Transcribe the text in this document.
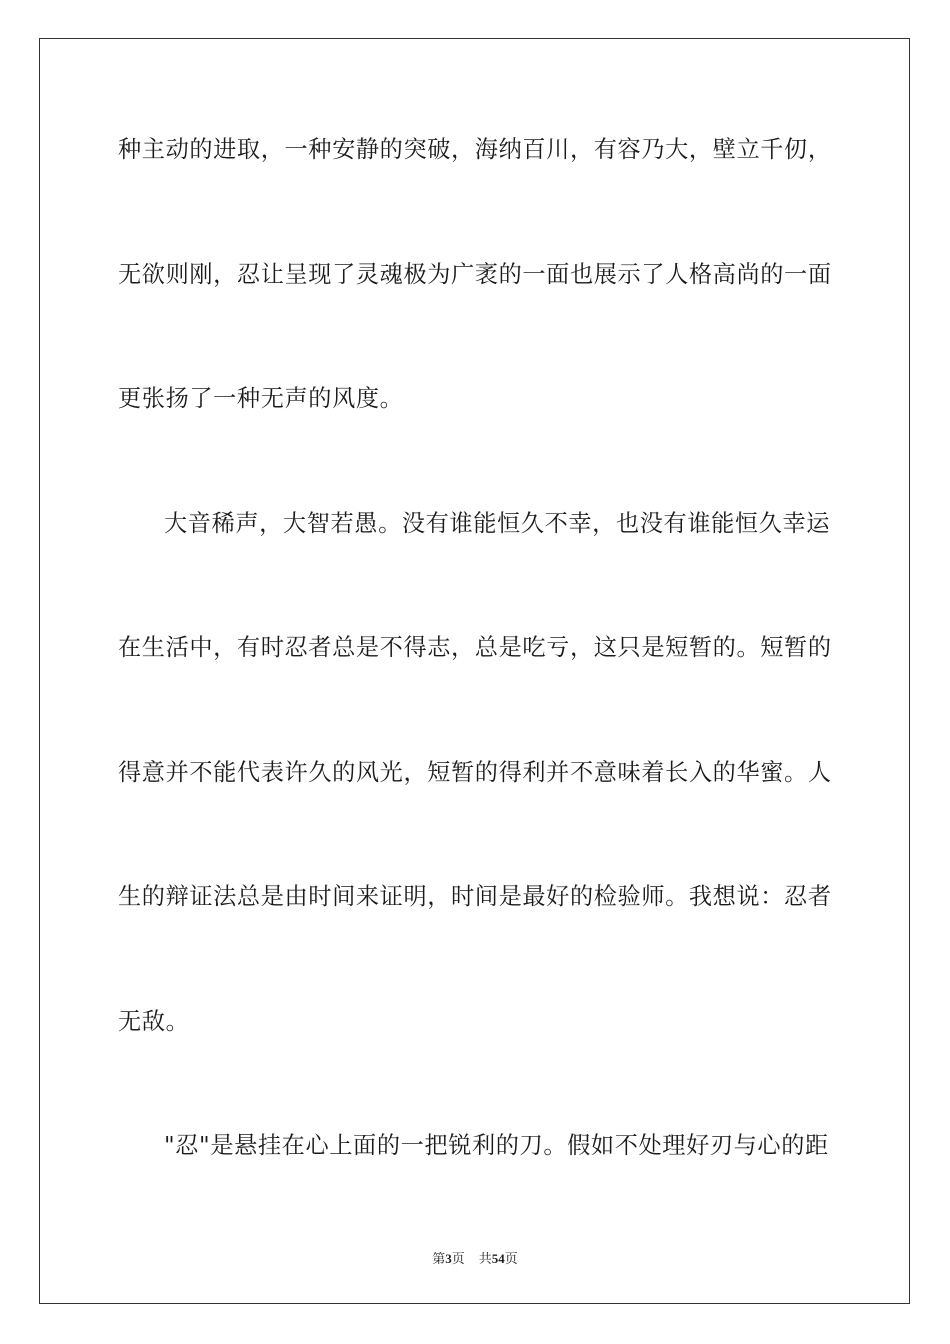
种主动的进取，一种安静的突破，海纳百川，有容乃大，壁立千仞，
无欲则刚，忍让呈现了灵魂极为广袤的一面也展示了人格高尚的一面
更张扬了一种无声的风度。
大音稀声，大智若愚。没有谁能恒久不幸，也没有谁能恒久幸运
在生活中，有时忍者总是不得志，总是吃亏，这只是短暂的。短暂的
得意并不能代表许久的风光，短暂的得利并不意味着长入的华蜜。人
生的辩证法总是由时间来证明，时间是最好的检验师。我想说：忍者
无敌。
"忍"是悬挂在心上面的一把锐利的刀。假如不处理好刃与心的距
第3页 共54页
